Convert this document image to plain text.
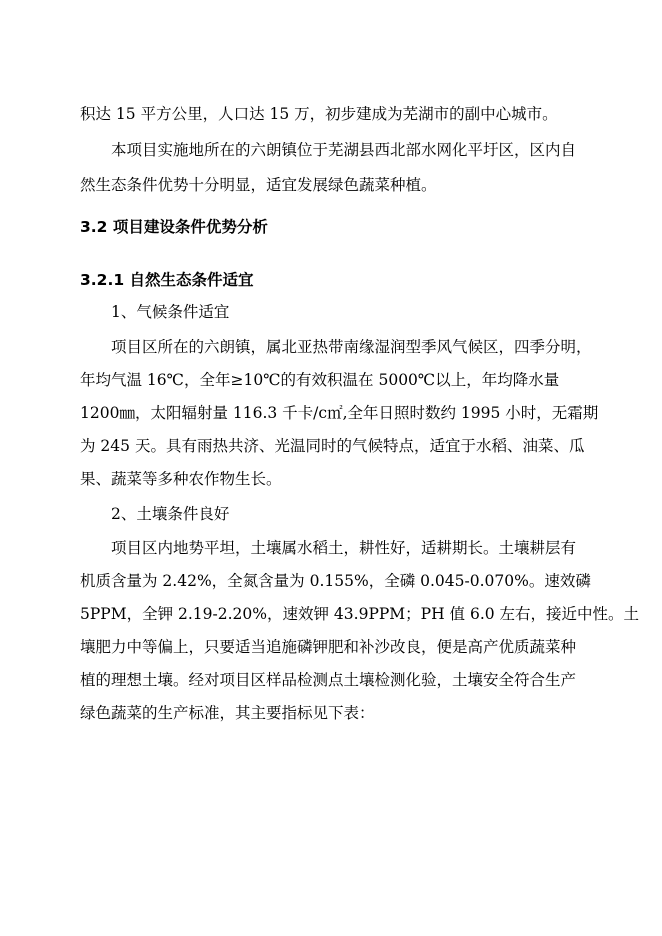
积达 15 平方公里，人口达 15 万，初步建成为芜湖市的副中心城市。
本项目实施地所在的六朗镇位于芜湖县西北部水网化平圩区，区内自
然生态条件优势十分明显，适宜发展绿色蔬菜种植。
3.2 项目建设条件优势分析
3.2.1 自然生态条件适宜
1、气候条件适宜
项目区所在的六朗镇，属北亚热带南缘湿润型季风气候区，四季分明，
年均气温 16℃，全年≥10℃的有效积温在 5000℃以上，年均降水量
1200㎜，太阳辐射量 116.3 千卡/c㎡,全年日照时数约 1995 小时，无霜期
为 245 天。具有雨热共济、光温同时的气候特点，适宜于水稻、油菜、瓜
果、蔬菜等多种农作物生长。
2、土壤条件良好
项目区内地势平坦，土壤属水稻土，耕性好，适耕期长。土壤耕层有
机质含量为 2.42%，全氮含量为 0.155%，全磷 0.045-0.070%。速效磷
5PPM，全钾 2.19-2.20%，速效钾 43.9PPM；PH 值 6.0 左右，接近中性。土
壤肥力中等偏上，只要适当追施磷钾肥和补沙改良，便是高产优质蔬菜种
植的理想土壤。经对项目区样品检测点土壤检测化验，土壤安全符合生产
绿色蔬菜的生产标准，其主要指标见下表：
